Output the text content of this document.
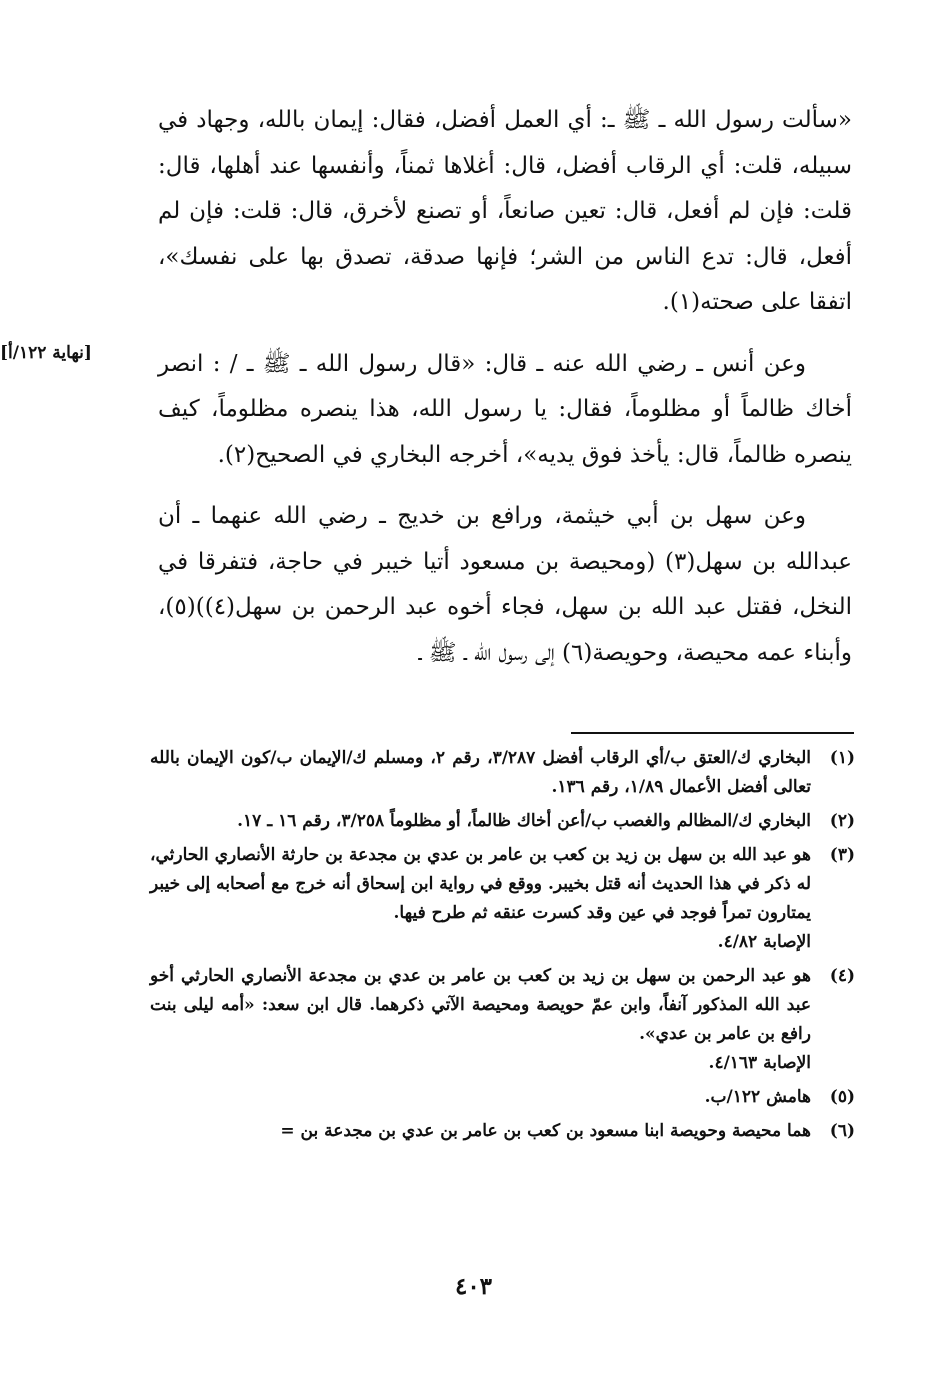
«سألت رسول الله ـ ﷺ ـ: أي العمل أفضل، فقال: إيمان بالله، وجهاد في سبيله، قلت: أي الرقاب أفضل، قال: أغلاها ثمناً، وأنفسها عند أهلها، قال: قلت: فإن لم أفعل، قال: تعين صانعاً، أو تصنع لأخرق، قال: قلت: فإن لم أفعل، قال: تدع الناس من الشر؛ فإنها صدقة، تصدق بها على نفسك»، اتفقا على صحته(١).

وعن أنس ـ رضي الله عنه ـ قال: «قال رسول الله ـ ﷺ ـ / : انصر أخاك ظالماً أو مظلوماً، فقال: يا رسول الله، هذا ينصره مظلوماً، كيف ينصره ظالماً، قال: يأخذ فوق يديه»، أخرجه البخاري في الصحيح(٢).

وعن سهل بن أبي خيثمة، ورافع بن خديج ـ رضي الله عنهما ـ أن عبدالله بن سهل(٣) (ومحيصة بن مسعود أتيا خيبر في حاجة، فتفرقا في النخل، فقتل عبد الله بن سهل، فجاء أخوه عبد الرحمن بن سهل(٤))(٥)، وأبناء عمه محيصة، وحويصة(٦) إلى رسول الله ـ ﷺ ـ

[نهاية ١٢٢/أ]
(١)
البخاري ك/العتق ب/أي الرقاب أفضل ٣/٢٨٧، رقم ٢، ومسلم ك/الإيمان ب/كون الإيمان بالله تعالى أفضل الأعمال ١/٨٩، رقم ١٣٦.
(٢)
البخاري ك/المظالم والغصب ب/أعن أخاك ظالماً، أو مظلوماً ٣/٢٥٨، رقم ١٦ ـ ١٧.
(٣)
هو عبد الله بن سهل بن زيد بن كعب بن عامر بن عدي بن مجدعة بن حارثة الأنصاري الحارثي، له ذكر في هذا الحديث أنه قتل بخيبر. ووقع في رواية ابن إسحاق أنه خرج مع أصحابه إلى خيبر يمتارون تمراً فوجد في عين وقد كسرت عنقه ثم طرح فيها.
الإصابة ٤/٨٢.
(٤)
هو عبد الرحمن بن سهل بن زيد بن كعب بن عامر بن عدي بن مجدعة الأنصاري الحارثي أخو عبد الله المذكور آنفاً، وابن عمّ حويصة ومحيصة الآتي ذكرهما. قال ابن سعد: «أمه ليلى بنت رافع بن عامر بن عدي».
الإصابة ٤/١٦٣.
(٥)
هامش ١٢٢/ب.
(٦)
هما محيصة وحويصة ابنا مسعود بن كعب بن عامر بن عدي بن مجدعة بن =
٤٠٣
